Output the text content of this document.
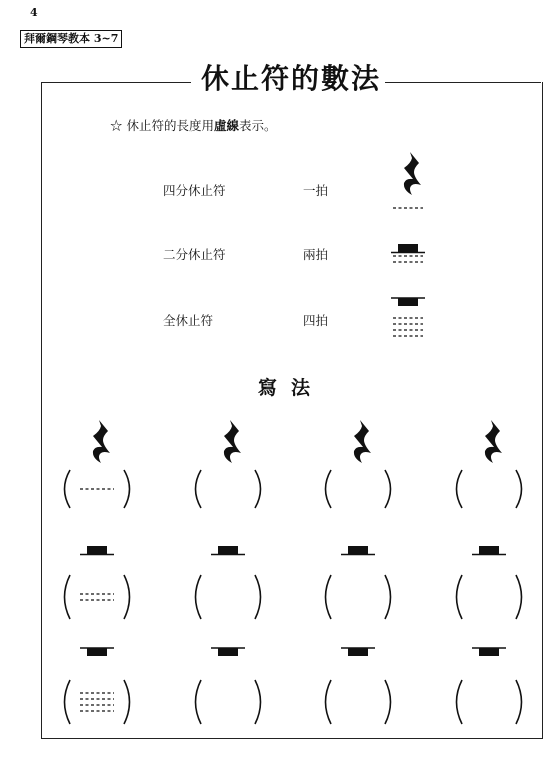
4
拜爾鋼琴教本 3~7
休止符的數法
☆ 休止符的長度用虛線表示。
四分休止符	一拍
二分休止符	兩拍
全休止符	四拍
寫法
